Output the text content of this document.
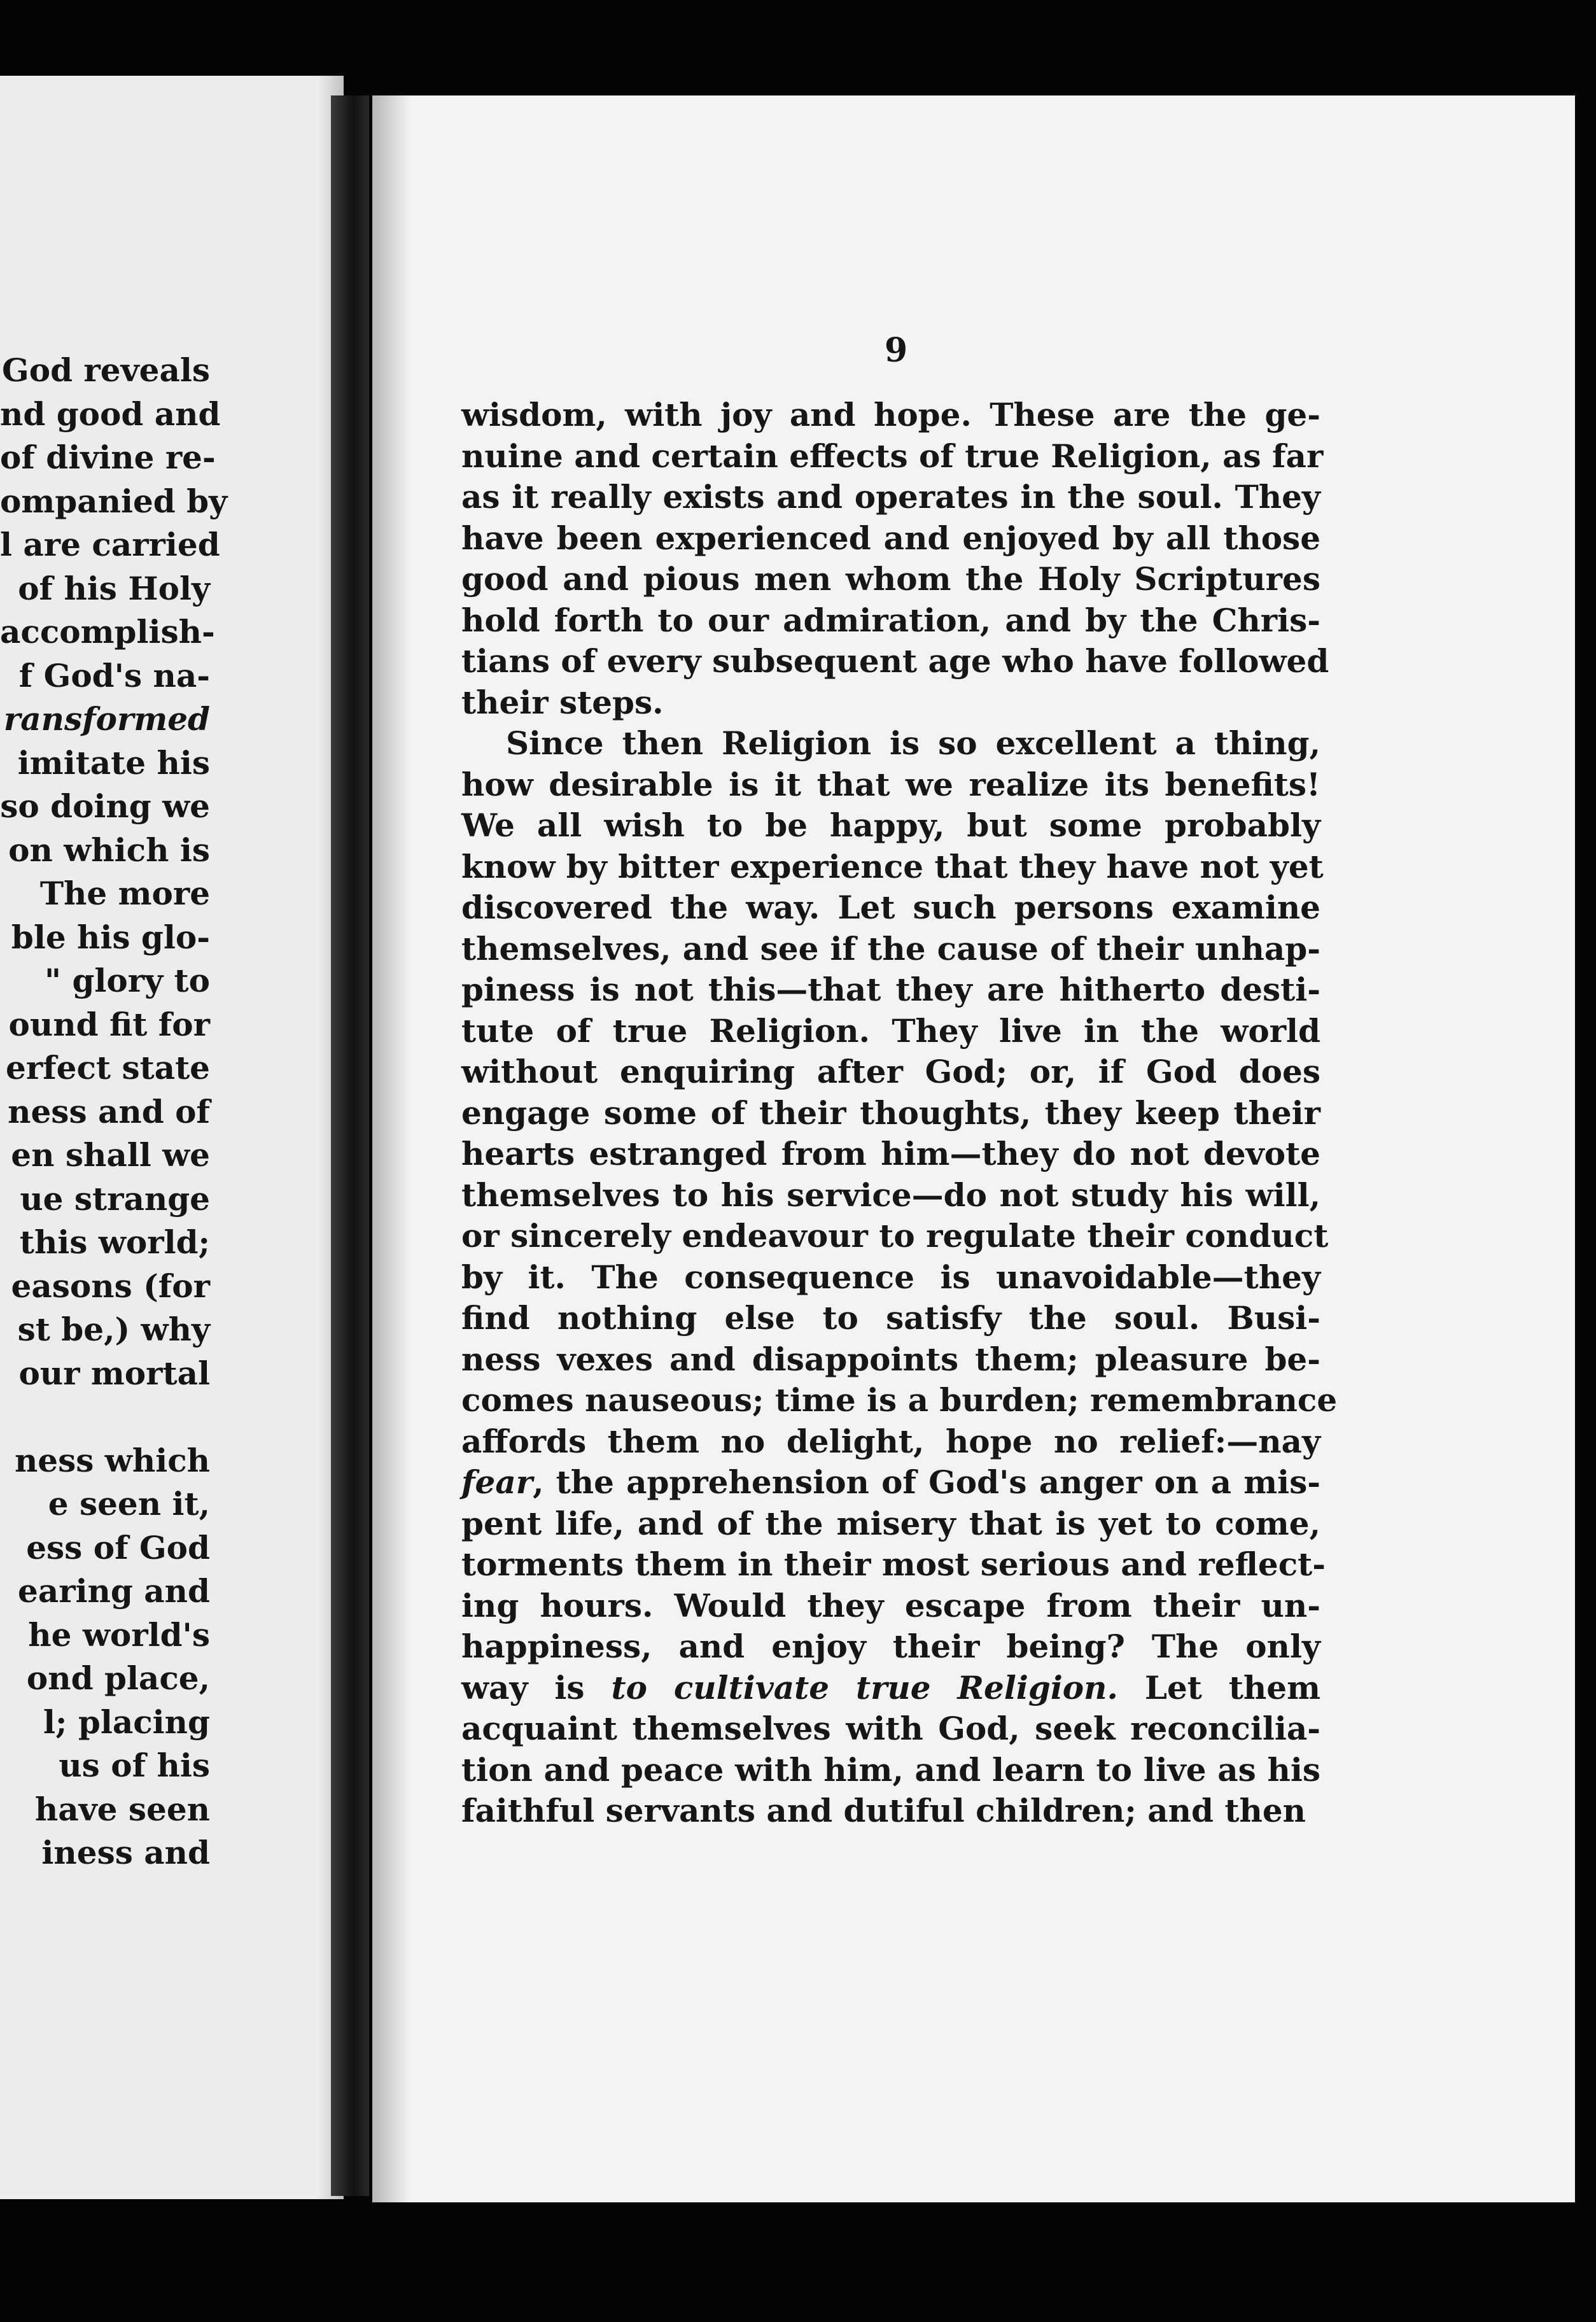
God reveals
nd good and
of divine re-
ompanied by
l are carried
of his Holy
accomplish-
f God's na-
ransformed
imitate his
so doing we
on which is
The more
ble his glo-
" glory to
ound fit for
erfect state
ness and of
en shall we
ue strange
this world;
easons (for
st be,) why
our mortal
ness which
e seen it,
ess of God
earing and
he world's
ond place,
l; placing
us of his
have seen
iness and
9
wisdom, with joy and hope. These are the ge-
nuine and certain effects of true Religion, as far
as it really exists and operates in the soul. They
have been experienced and enjoyed by all those
good and pious men whom the Holy Scriptures
hold forth to our admiration, and by the Chris-
tians of every subsequent age who have followed
their steps.
Since then Religion is so excellent a thing,
how desirable is it that we realize its benefits!
We all wish to be happy, but some probably
know by bitter experience that they have not yet
discovered the way. Let such persons examine
themselves, and see if the cause of their unhap-
piness is not this—that they are hitherto desti-
tute of true Religion. They live in the world
without enquiring after God; or, if God does
engage some of their thoughts, they keep their
hearts estranged from him—they do not devote
themselves to his service—do not study his will,
or sincerely endeavour to regulate their conduct
by it. The consequence is unavoidable—they
find nothing else to satisfy the soul. Busi-
ness vexes and disappoints them; pleasure be-
comes nauseous; time is a burden; remembrance
affords them no delight, hope no relief:—nay
fear, the apprehension of God's anger on a mis-
pent life, and of the misery that is yet to come,
torments them in their most serious and reflect-
ing hours. Would they escape from their un-
happiness, and enjoy their being? The only
way is to cultivate true Religion. Let them
acquaint themselves with God, seek reconcilia-
tion and peace with him, and learn to live as his
faithful servants and dutiful children; and then
